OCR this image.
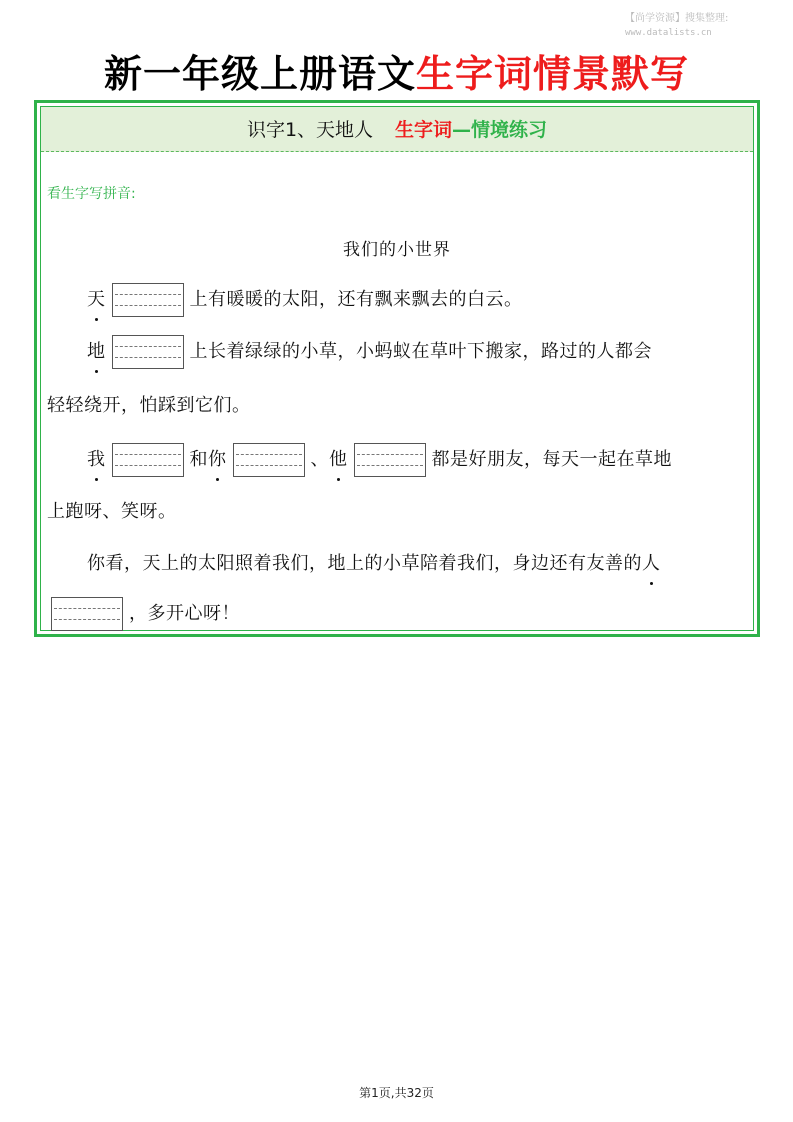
【尚学资源】搜集整理:
www.datalists.cn
新一年级上册语文生字词情景默写
识字1、天地人 生字词—情境练习
看生字写拼音:
我们的小世界
天	上有暖暖的太阳，还有飘来飘去的白云。
地	上长着绿绿的小草，小蚂蚁在草叶下搬家，路过的人都会
轻轻绕开，怕踩到它们。
我	和你	、他	都是好朋友，每天一起在草地
上跑呀、笑呀。
你看，天上的太阳照着我们，地上的小草陪着我们，身边还有友善的人
，多开心呀！
第1页,共32页
